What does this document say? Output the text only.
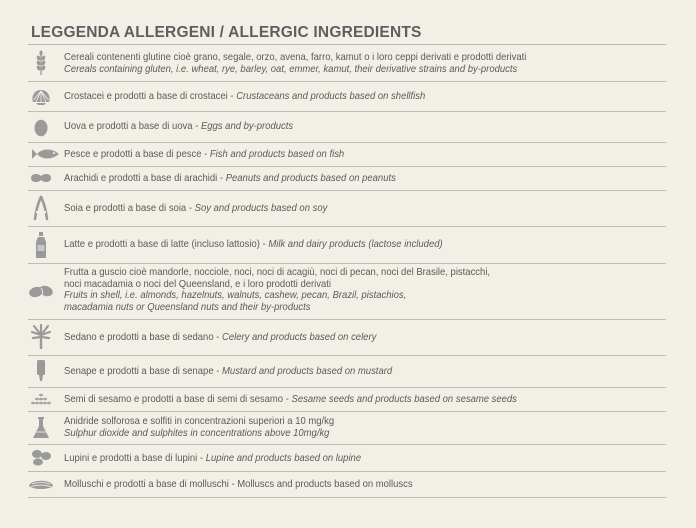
LEGGENDA ALLERGENI / ALLERGIC INGREDIENTS
Cereali contenenti glutine cioè grano, segale, orzo, avena, farro, kamut o i loro ceppi derivati e prodotti derivati
Cereals containing gluten, i.e. wheat, rye, barley, oat, emmer, kamut, their derivative strains and by-products
Crostacei e prodotti a base di crostacei - Crustaceans and products based on shellfish
Uova e prodotti a base di uova - Eggs and by-products
Pesce e prodotti a base di pesce - Fish and products based on fish
Arachidi e prodotti a base di arachidi - Peanuts and products based on peanuts
Soia e prodotti a base di soia - Soy and products based on soy
Latte e prodotti a base di latte (incluso lattosio) - Milk and dairy products (lactose included)
Frutta a guscio cioè mandorle, nocciole, noci, noci di acagiù, noci di pecan, noci del Brasile, pistacchi,
noci macadamia o noci del Queensland, e i loro prodotti derivati
Fruits in shell, i.e. almonds, hazelnuts, walnuts, cashew, pecan, Brazil, pistachios,
macadamia nuts or Queensland nuts and their by-products
Sedano e prodotti a base di sedano - Celery and products based on celery
Senape e prodotti a base di senape - Mustard and products based on mustard
Semi di sesamo e prodotti a base di semi di sesamo - Sesame seeds and products based on sesame seeds
Anidride solforosa e solfiti in concentrazioni superiori a 10 mg/kg
Sulphur dioxide and sulphites in concentrations above 10mg/kg
Lupini e prodotti a base di lupini - Lupine and products based on lupine
Molluschi e prodotti a base di molluschi - Molluscs and products based on molluscs
